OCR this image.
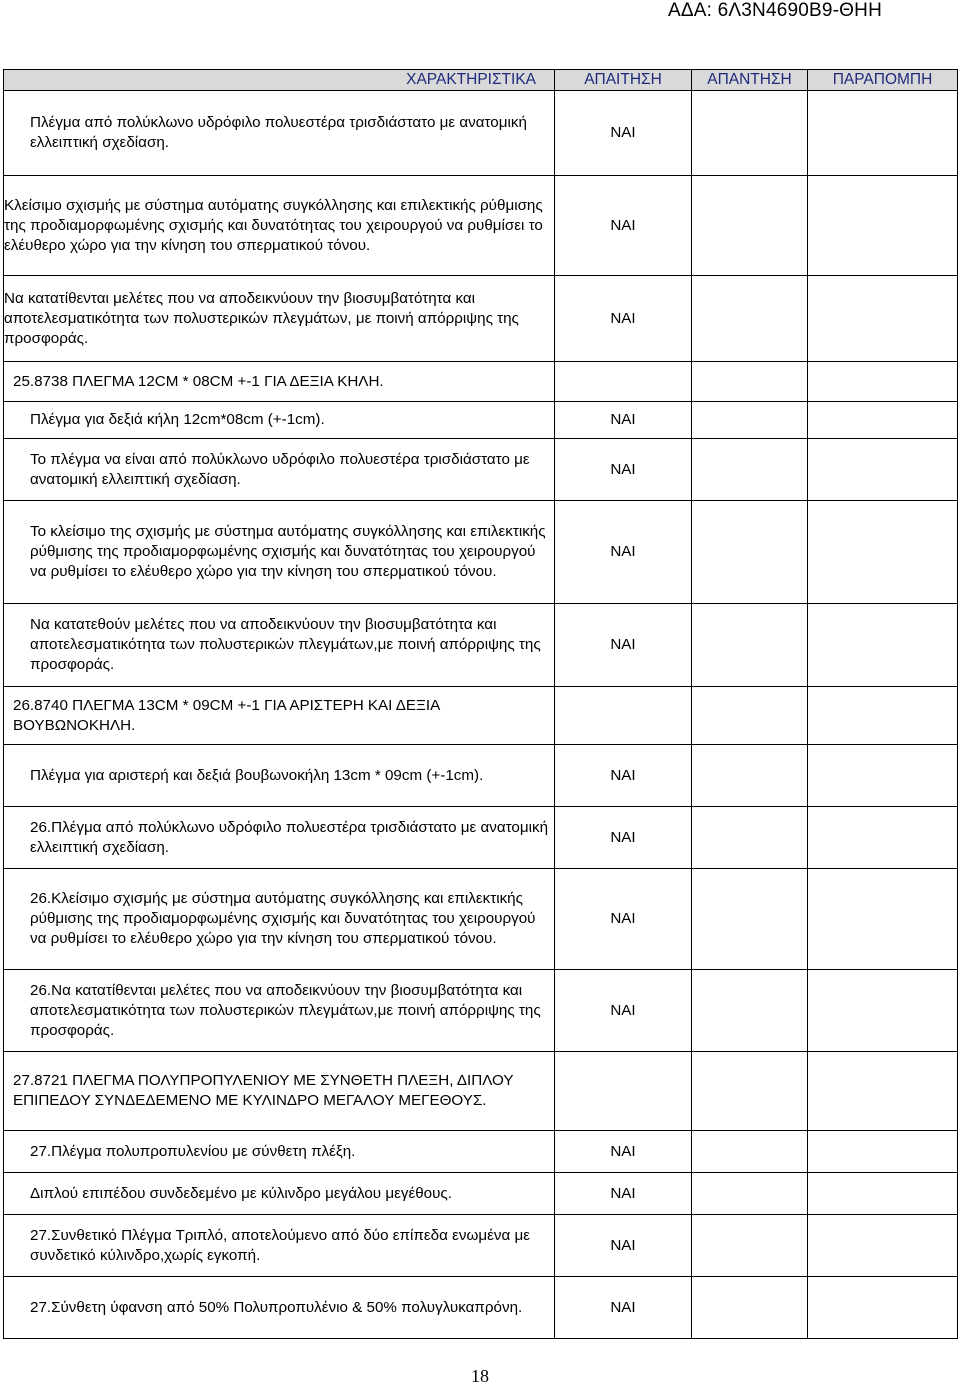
ΑΔΑ: 6Λ3Ν4690Β9-ΘΗΗ
ΧΑΡΑΚΤΗΡΙΣΤΙΚΑ	ΑΠΑΙΤΗΣΗ	ΑΠΑΝΤΗΣΗ	ΠΑΡΑΠΟΜΠΗ
Πλέγμα από πολύκλωνο υδρόφιλο πολυεστέρα τρισδιάστατο με ανατομική ελλειπτική σχεδίαση.	ΝΑΙ		
Κλείσιμο σχισμής με σύστημα αυτόματης συγκόλλησης και επιλεκτικής ρύθμισης της προδιαμορφωμένης σχισμής και δυνατότητας του χειρουργού να ρυθμίσει το ελέυθερο χώρο για την κίνηση του σπερματικού τόνου.	ΝΑΙ		
Να κατατίθενται μελέτες που να αποδεικνύουν την βιοσυμβατότητα και αποτελεσματικότητα των πολυστερικών πλεγμάτων, με ποινή απόρριψης της προσφοράς.	ΝΑΙ		
25.8738 ΠΛΕΓΜΑ 12CM * 08CM +-1 ΓΙΑ ΔΕΞΙΑ ΚΗΛΗ.			
Πλέγμα για δεξιά κήλη 12cm*08cm (+-1cm).	ΝΑΙ		
Το πλέγμα να είναι από πολύκλωνο υδρόφιλο πολυεστέρα τρισδιάστατο με ανατομική ελλειπτική σχεδίαση.	ΝΑΙ		
Το κλείσιμο της σχισμής με σύστημα αυτόματης συγκόλλησης και επιλεκτικής ρύθμισης της προδιαμορφωμένης σχισμής και δυνατότητας του χειρουργού να ρυθμίσει το ελέυθερο χώρο για την κίνηση του σπερματικού τόνου.	ΝΑΙ		
Να κατατεθούν μελέτες που να αποδεικνύουν την βιοσυμβατότητα και αποτελεσματικότητα των πολυστερικών πλεγμάτων,με ποινή απόρριψης της προσφοράς.	ΝΑΙ		
26.8740 ΠΛΕΓΜΑ 13CM * 09CM +-1 ΓΙΑ ΑΡΙΣΤΕΡΗ ΚΑΙ ΔΕΞΙΑ ΒΟΥΒΩΝΟΚΗΛΗ.			
Πλέγμα για αριστερή και δεξιά βουβωνοκήλη 13cm * 09cm (+-1cm).	ΝΑΙ		
26.Πλέγμα από πολύκλωνο υδρόφιλο πολυεστέρα τρισδιάστατο με ανατομική ελλειπτική σχεδίαση.	ΝΑΙ		
26.Κλείσιμο σχισμής με σύστημα αυτόματης συγκόλλησης και επιλεκτικής ρύθμισης της προδιαμορφωμένης σχισμής και δυνατότητας του χειρουργού να ρυθμίσει το ελέυθερο χώρο για την κίνηση του σπερματικού τόνου.	ΝΑΙ		
26.Να κατατίθενται μελέτες που να αποδεικνύουν την βιοσυμβατότητα και αποτελεσματικότητα των πολυστερικών πλεγμάτων,με ποινή απόρριψης της προσφοράς.	ΝΑΙ		
27.8721 ΠΛΕΓΜΑ ΠΟΛΥΠΡΟΠΥΛΕΝΙΟΥ ΜΕ ΣΥΝΘΕΤΗ ΠΛΕΞΗ, ΔΙΠΛΟΥ ΕΠΙΠΕΔΟΥ ΣΥΝΔΕΔΕΜΕΝΟ ΜΕ ΚΥΛΙΝΔΡΟ ΜΕΓΑΛΟΥ ΜΕΓΕΘΟΥΣ.			
27.Πλέγμα πολυπροπυλενίου με σύνθετη πλέξη.	ΝΑΙ		
Διπλού επιπέδου συνδεδεμένο με κύλινδρο μεγάλου μεγέθους.	ΝΑΙ		
27.Συνθετικό Πλέγμα Τριπλό, αποτελούμενο από δύο επίπεδα ενωμένα με συνδετικό κύλινδρο,χωρίς εγκοπή.	ΝΑΙ		
27.Σύνθετη ύφανση από 50% Πολυπροπυλένιο & 50% πολυγλυκαπρόνη.	ΝΑΙ		
18
